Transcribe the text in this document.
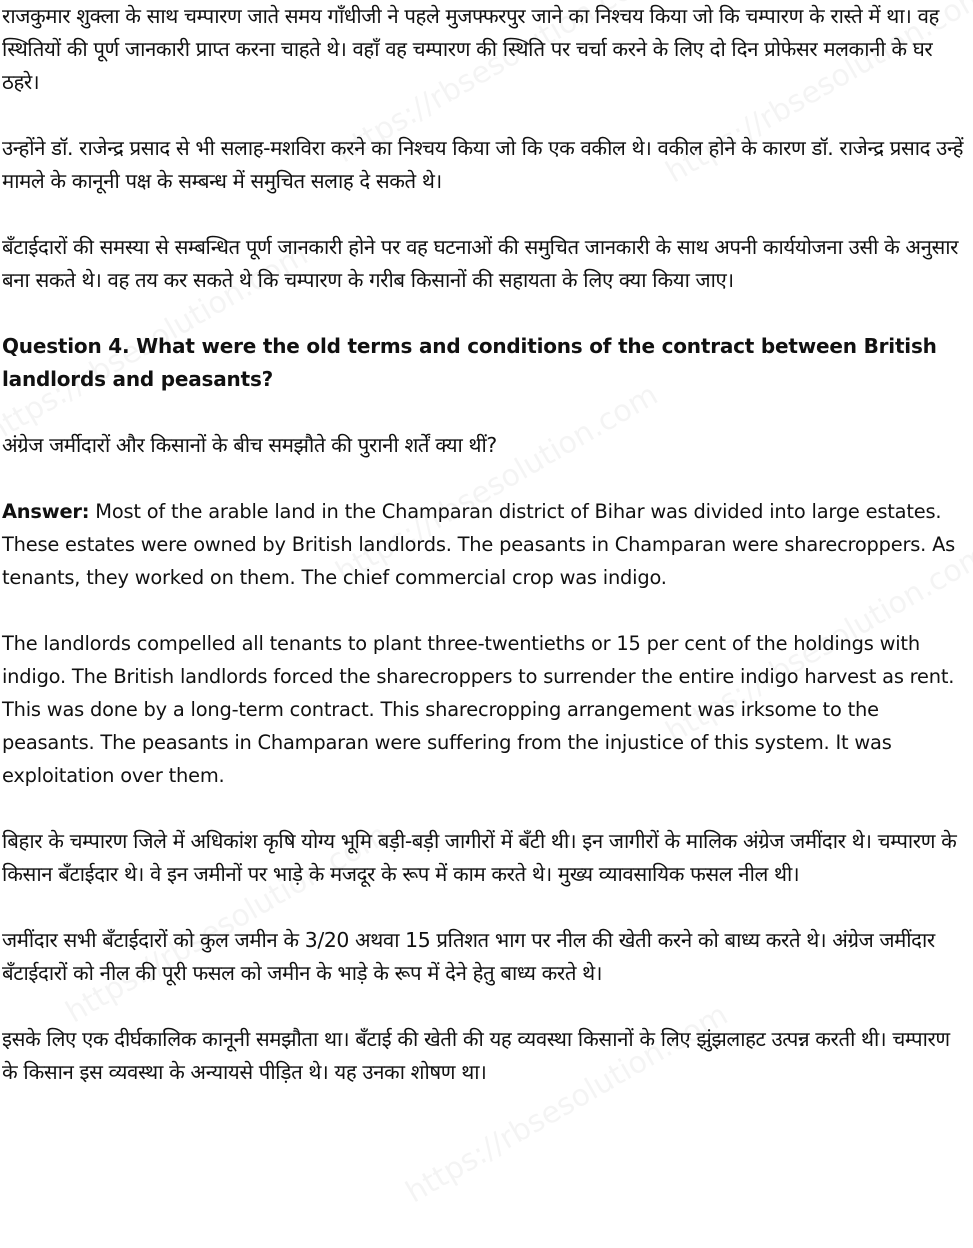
राजकुमार शुक्ला के साथ चम्पारण जाते समय गाँधीजी ने पहले मुजफ्फरपुर जाने का निश्चय किया जो कि चम्पारण के रास्ते में था। वह स्थितियों की पूर्ण जानकारी प्राप्त करना चाहते थे। वहाँ वह चम्पारण की स्थिति पर चर्चा करने के लिए दो दिन प्रोफेसर मलकानी के घर ठहरे।

उन्होंने डॉ. राजेन्द्र प्रसाद से भी सलाह-मशविरा करने का निश्चय किया जो कि एक वकील थे। वकील होने के कारण डॉ. राजेन्द्र प्रसाद उन्हें मामले के कानूनी पक्ष के सम्बन्ध में समुचित सलाह दे सकते थे।

बँटाईदारों की समस्या से सम्बन्धित पूर्ण जानकारी होने पर वह घटनाओं की समुचित जानकारी के साथ अपनी कार्ययोजना उसी के अनुसार बना सकते थे। वह तय कर सकते थे कि चम्पारण के गरीब किसानों की सहायता के लिए क्या किया जाए।

Question 4. What were the old terms and conditions of the contract between British landlords and peasants?

अंग्रेज जर्मीदारों और किसानों के बीच समझौते की पुरानी शर्तें क्या थीं?

Answer: Most of the arable land in the Champaran district of Bihar was divided into large estates. These estates were owned by British landlords. The peasants in Champaran were sharecroppers. As tenants, they worked on them. The chief commercial crop was indigo.

The landlords compelled all tenants to plant three-twentieths or 15 per cent of the holdings with indigo. The British landlords forced the sharecroppers to surrender the entire indigo harvest as rent. This was done by a long-term contract. This sharecropping arrangement was irksome to the peasants. The peasants in Champaran were suffering from the injustice of this system. It was exploitation over them.

बिहार के चम्पारण जिले में अधिकांश कृषि योग्य भूमि बड़ी-बड़ी जागीरों में बँटी थी। इन जागीरों के मालिक अंग्रेज जमींदार थे। चम्पारण के किसान बँटाईदार थे। वे इन जमीनों पर भाड़े के मजदूर के रूप में काम करते थे। मुख्य व्यावसायिक फसल नील थी।

जमींदार सभी बँटाईदारों को कुल जमीन के 3/20 अथवा 15 प्रतिशत भाग पर नील की खेती करने को बाध्य करते थे। अंग्रेज जमींदार बँटाईदारों को नील की पूरी फसल को जमीन के भाड़े के रूप में देने हेतु बाध्य करते थे।

इसके लिए एक दीर्घकालिक कानूनी समझौता था। बँटाई की खेती की यह व्यवस्था किसानों के लिए झुंझलाहट उत्पन्न करती थी। चम्पारण के किसान इस व्यवस्था के अन्यायसे पीड़ित थे। यह उनका शोषण था।
